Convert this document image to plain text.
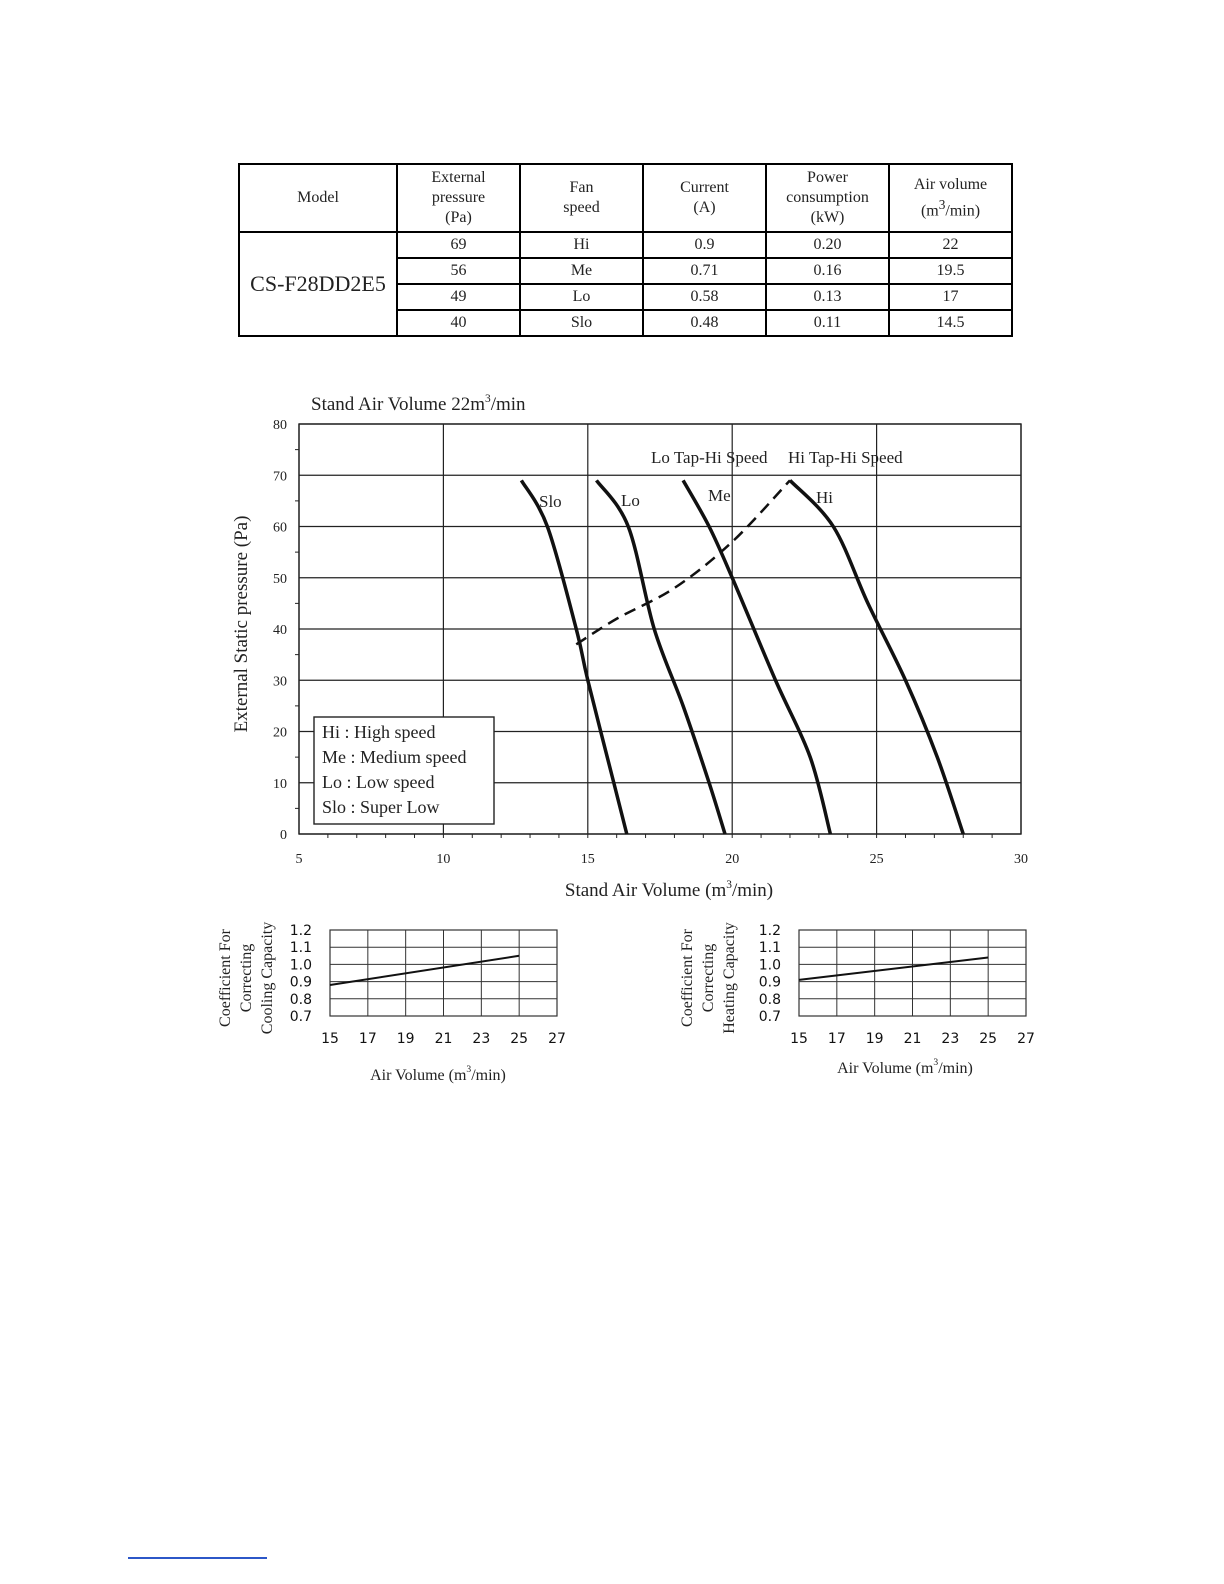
Model	External
pressure
(Pa)	Fan
speed	Current
(A)	Power
consumption
(kW)	Air volume
$(m^3/\min)$
CS-F28DD2E5	69	Hi	0.9	0.20	22
	56	Me	0.71	0.16	19.5
	49	Lo	0.58	0.13	17
	40	Slo	0.48	0.11	14.5
0
10
20
30
40
50
60
70
80
5	10	15	20	25	30
Stand Air Volume $22m^3/\min$
Stand Air Volume $(m^3/\min)$
External Static pressure (Pa)
Slo	Lo	Me	Hi
Lo Tap-Hi Speed Hi Tap-Hi Speed
Hi : High speed
Me : Medium speed
Lo : Low speed
Slo : Super Low
1.2
1.1
1.0
0.9
0.8
0.7
15 17 19 21 23 25 27
Air Volume $(m^3/\min)$
Coefficient For Correcting Cooling Capacity	1.2
1.1
1.0
0.9
0.8
0.7
15 17 19 21 23 25 27
Air Volume $(m^3/\min)$
Coefficient For Correcting Heating Capacity
